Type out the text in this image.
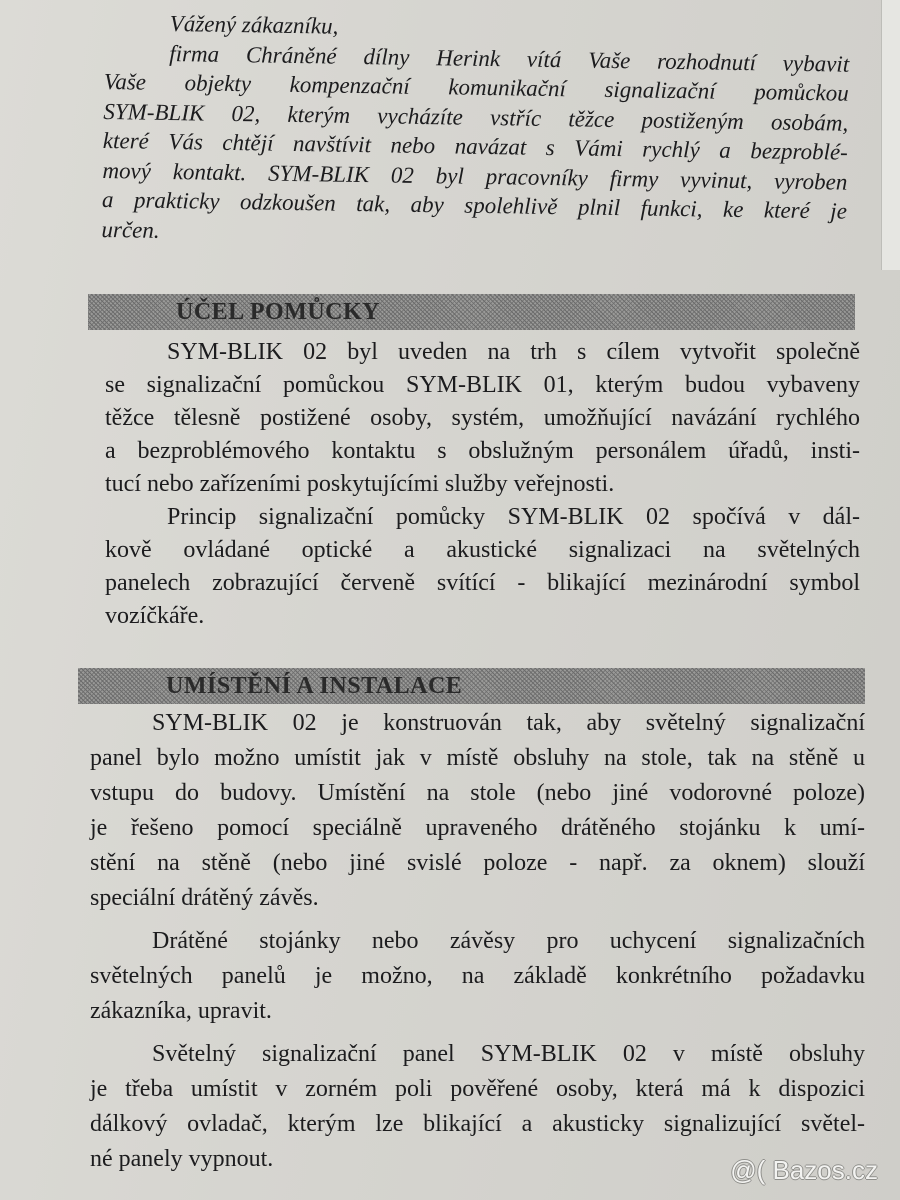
Vážený zákazníku,
firma Chráněné dílny Herink vítá Vaše rozhodnutí vybavit
Vaše objekty kompenzační komunikační signalizační pomůckou
SYM-BLIK 02, kterým vycházíte vstříc těžce postiženým osobám,
které Vás chtějí navštívit nebo navázat s Vámi rychlý a bezproblé-
mový kontakt. SYM-BLIK 02 byl pracovníky firmy vyvinut, vyroben
a prakticky odzkoušen tak, aby spolehlivě plnil funkci, ke které je
určen.
ÚČEL POMŮCKY
SYM-BLIK 02 byl uveden na trh s cílem vytvořit společně
se signalizační pomůckou SYM-BLIK 01, kterým budou vybaveny
těžce tělesně postižené osoby, systém, umožňující navázání rychlého
a bezproblémového kontaktu s obslužným personálem úřadů, insti-
tucí nebo zařízeními poskytujícími služby veřejnosti.
Princip signalizační pomůcky SYM-BLIK 02 spočívá v dál-
kově ovládané optické a akustické signalizaci na světelných
panelech zobrazující červeně svítící - blikající mezinárodní symbol
vozíčkáře.
UMÍSTĚNÍ A INSTALACE
SYM-BLIK 02 je konstruován tak, aby světelný signalizační
panel bylo možno umístit jak v místě obsluhy na stole, tak na stěně u
vstupu do budovy. Umístění na stole (nebo jiné vodorovné poloze)
je řešeno pomocí speciálně upraveného drátěného stojánku k umí-
stění na stěně (nebo jiné svislé poloze - např. za oknem) slouží
speciální drátěný závěs.
Drátěné stojánky nebo závěsy pro uchycení signalizačních
světelných panelů je možno, na základě konkrétního požadavku
zákazníka, upravit.
Světelný signalizační panel SYM-BLIK 02 v místě obsluhy
je třeba umístit v zorném poli pověřené osoby, která má k dispozici
dálkový ovladač, kterým lze blikající a akusticky signalizující světel-
né panely vypnout.	@( Bazos.cz
